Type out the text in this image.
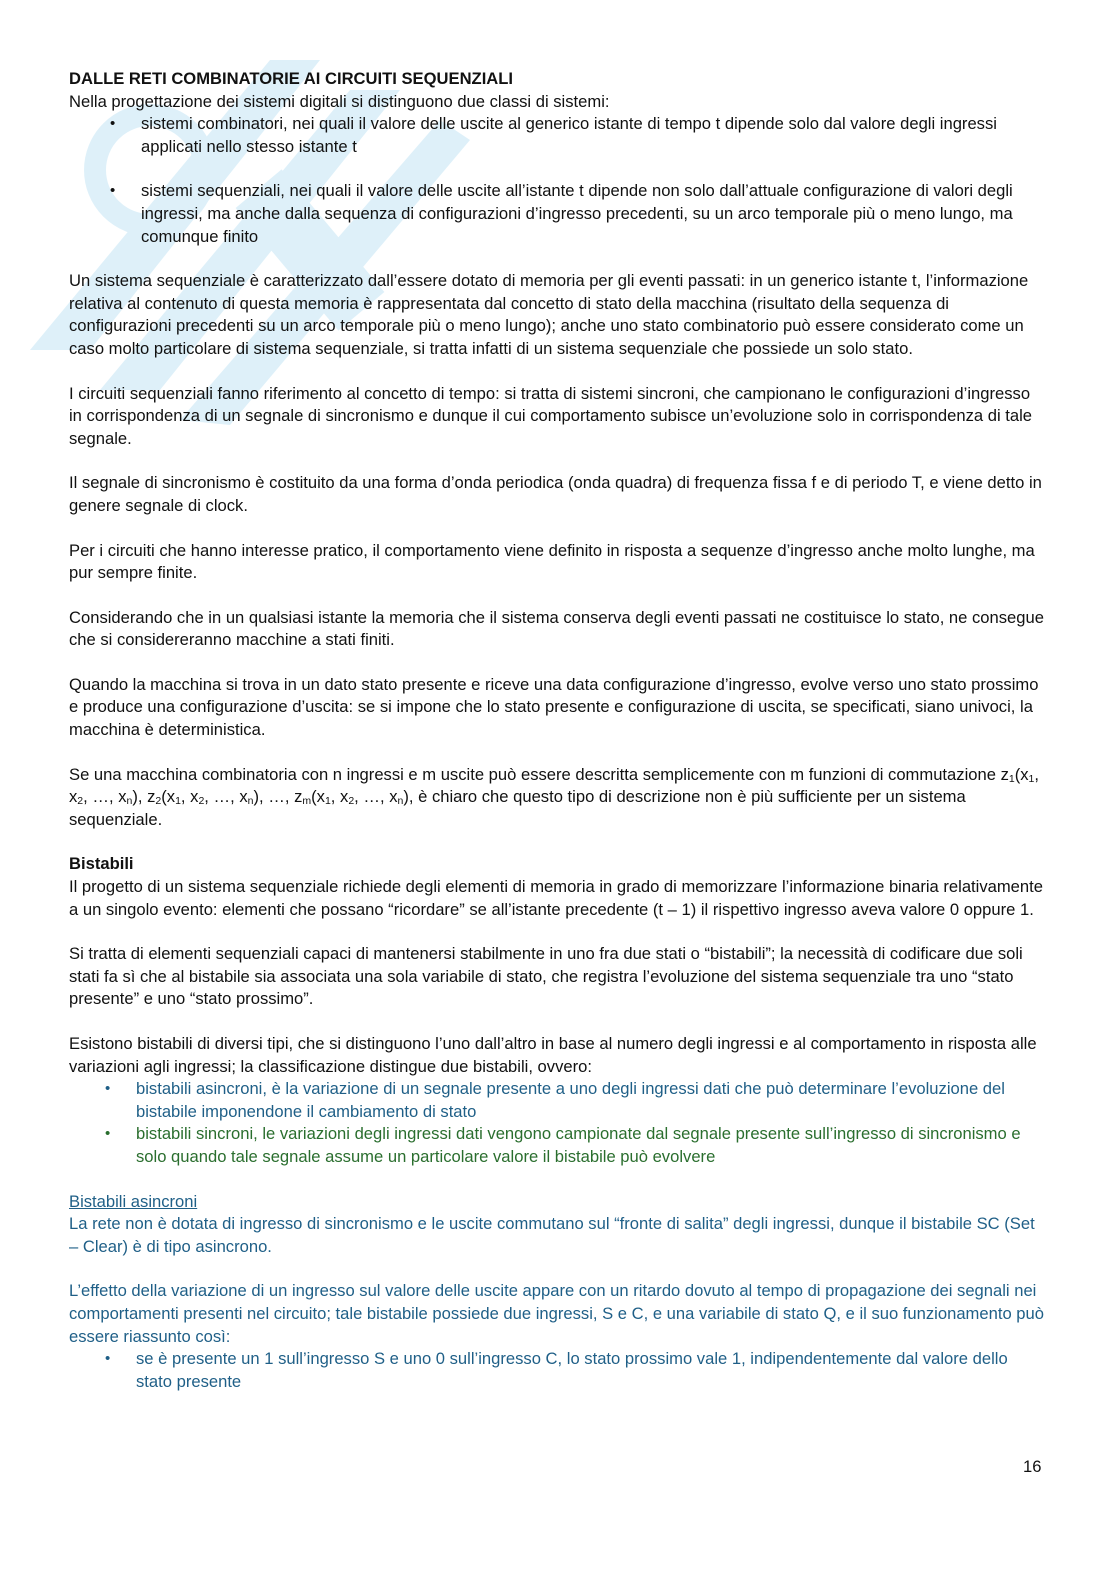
DALLE RETI COMBINATORIE AI CIRCUITI SEQUENZIALI

Nella progettazione dei sistemi digitali si distinguono due classi di sistemi:

• sistemi combinatori, nei quali il valore delle uscite al generico istante di tempo t dipende solo dal valore degli ingressi applicati nello stesso istante t
• sistemi sequenziali, nei quali il valore delle uscite all’istante t dipende non solo dall’attuale configurazione di valori degli ingressi, ma anche dalla sequenza di configurazioni d’ingresso precedenti, su un arco temporale più o meno lungo, ma comunque finito

Un sistema sequenziale è caratterizzato dall’essere dotato di memoria per gli eventi passati: in un generico istante t, l’informazione relativa al contenuto di questa memoria è rappresentata dal concetto di stato della macchina (risultato della sequenza di configurazioni precedenti su un arco temporale più o meno lungo); anche uno stato combinatorio può essere considerato come un caso molto particolare di sistema sequenziale, si tratta infatti di un sistema sequenziale che possiede un solo stato.

I circuiti sequenziali fanno riferimento al concetto di tempo: si tratta di sistemi sincroni, che campionano le configurazioni d’ingresso in corrispondenza di un segnale di sincronismo e dunque il cui comportamento subisce un’evoluzione solo in corrispondenza di tale segnale.

Il segnale di sincronismo è costituito da una forma d’onda periodica (onda quadra) di frequenza fissa f e di periodo T, e viene detto in genere segnale di clock.

Per i circuiti che hanno interesse pratico, il comportamento viene definito in risposta a sequenze d’ingresso anche molto lunghe, ma pur sempre finite.

Considerando che in un qualsiasi istante la memoria che il sistema conserva degli eventi passati ne costituisce lo stato, ne consegue che si considereranno macchine a stati finiti.

Quando la macchina si trova in un dato stato presente e riceve una data configurazione d’ingresso, evolve verso uno stato prossimo e produce una configurazione d’uscita: se si impone che lo stato presente e configurazione di uscita, se specificati, siano univoci, la macchina è deterministica.

Se una macchina combinatoria con n ingressi e m uscite può essere descritta semplicemente con m funzioni di commutazione $z_1(x_1$, $x_2$, …, $x_n$), $z_2(x_1$, $x_2$, …, $x_n$), …, $z_m(x_1$, $x_2$, …, $x_n$), è chiaro che questo tipo di descrizione non è più sufficiente per un sistema sequenziale.

Bistabili

Il progetto di un sistema sequenziale richiede degli elementi di memoria in grado di memorizzare l’informazione binaria relativamente a un singolo evento: elementi che possano “ricordare” se all’istante precedente (t – 1) il rispettivo ingresso aveva valore 0 oppure 1.

Si tratta di elementi sequenziali capaci di mantenersi stabilmente in uno fra due stati o “bistabili”; la necessità di codificare due soli stati fa sì che al bistabile sia associata una sola variabile di stato, che registra l’evoluzione del sistema sequenziale tra uno “stato presente” e uno “stato prossimo”.

Esistono bistabili di diversi tipi, che si distinguono l’uno dall’altro in base al numero degli ingressi e al comportamento in risposta alle variazioni agli ingressi; la classificazione distingue due bistabili, ovvero:

• bistabili asincroni, è la variazione di un segnale presente a uno degli ingressi dati che può determinare l’evoluzione del bistabile imponendone il cambiamento di stato
• bistabili sincroni, le variazioni degli ingressi dati vengono campionate dal segnale presente sull’ingresso di sincronismo e solo quando tale segnale assume un particolare valore il bistabile può evolvere

Bistabili asincroni

La rete non è dotata di ingresso di sincronismo e le uscite commutano sul “fronte di salita” degli ingressi, dunque il bistabile SC (Set – Clear) è di tipo asincrono.

L’effetto della variazione di un ingresso sul valore delle uscite appare con un ritardo dovuto al tempo di propagazione dei segnali nei comportamenti presenti nel circuito; tale bistabile possiede due ingressi, S e C, e una variabile di stato Q, e il suo funzionamento può essere riassunto così:

• se è presente un 1 sull’ingresso S e uno 0 sull’ingresso C, lo stato prossimo vale 1, indipendentemente dal valore dello stato presente
16
